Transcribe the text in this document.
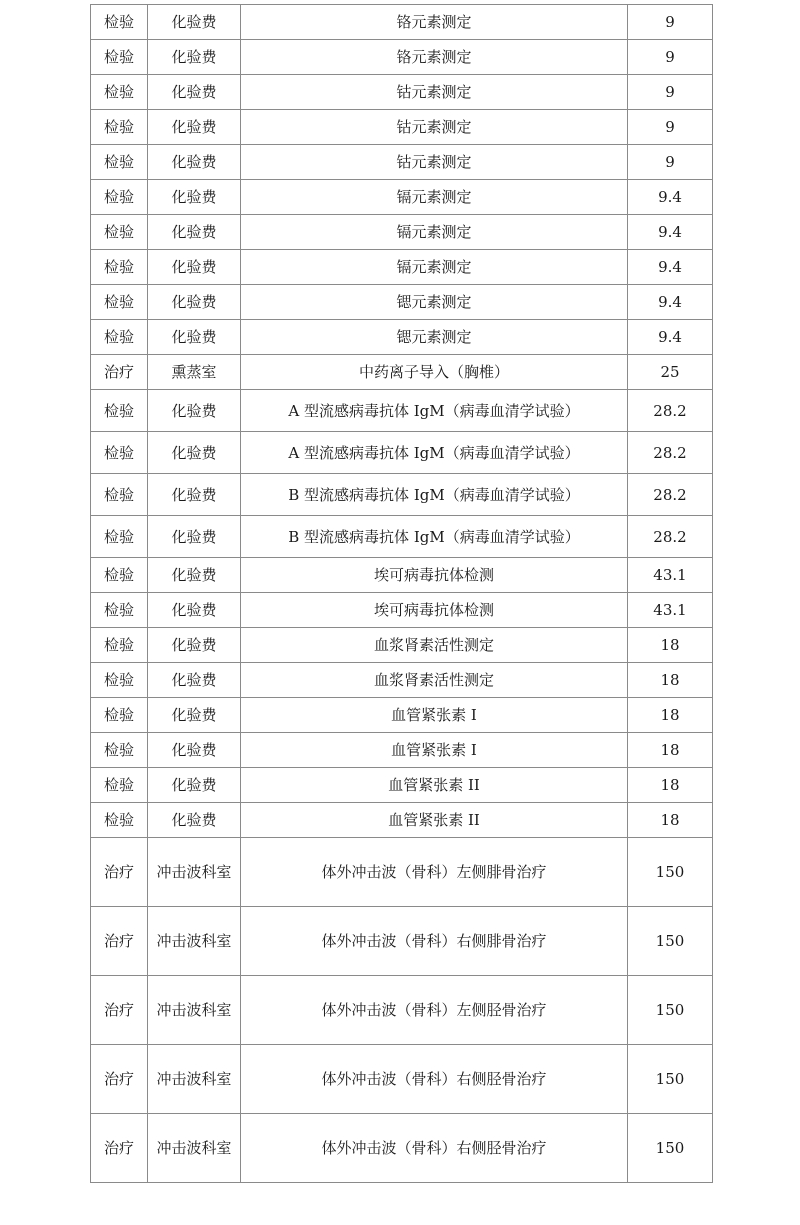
检验	化验费	铬元素测定	9
检验	化验费	铬元素测定	9
检验	化验费	钴元素测定	9
检验	化验费	钴元素测定	9
检验	化验费	钴元素测定	9
检验	化验费	镉元素测定	9.4
检验	化验费	镉元素测定	9.4
检验	化验费	镉元素测定	9.4
检验	化验费	锶元素测定	9.4
检验	化验费	锶元素测定	9.4
治疗	熏蒸室	中药离子导入（胸椎）	25
检验	化验费	A 型流感病毒抗体 IgM（病毒血清学试验）	28.2
检验	化验费	A 型流感病毒抗体 IgM（病毒血清学试验）	28.2
检验	化验费	B 型流感病毒抗体 IgM（病毒血清学试验）	28.2
检验	化验费	B 型流感病毒抗体 IgM（病毒血清学试验）	28.2
检验	化验费	埃可病毒抗体检测	43.1
检验	化验费	埃可病毒抗体检测	43.1
检验	化验费	血浆肾素活性测定	18
检验	化验费	血浆肾素活性测定	18
检验	化验费	血管紧张素 I	18
检验	化验费	血管紧张素 I	18
检验	化验费	血管紧张素 II	18
检验	化验费	血管紧张素 II	18
治疗	冲击波科室	体外冲击波（骨科）左侧腓骨治疗	150
治疗	冲击波科室	体外冲击波（骨科）右侧腓骨治疗	150
治疗	冲击波科室	体外冲击波（骨科）左侧胫骨治疗	150
治疗	冲击波科室	体外冲击波（骨科）右侧胫骨治疗	150
治疗	冲击波科室	体外冲击波（骨科）右侧胫骨治疗	150
